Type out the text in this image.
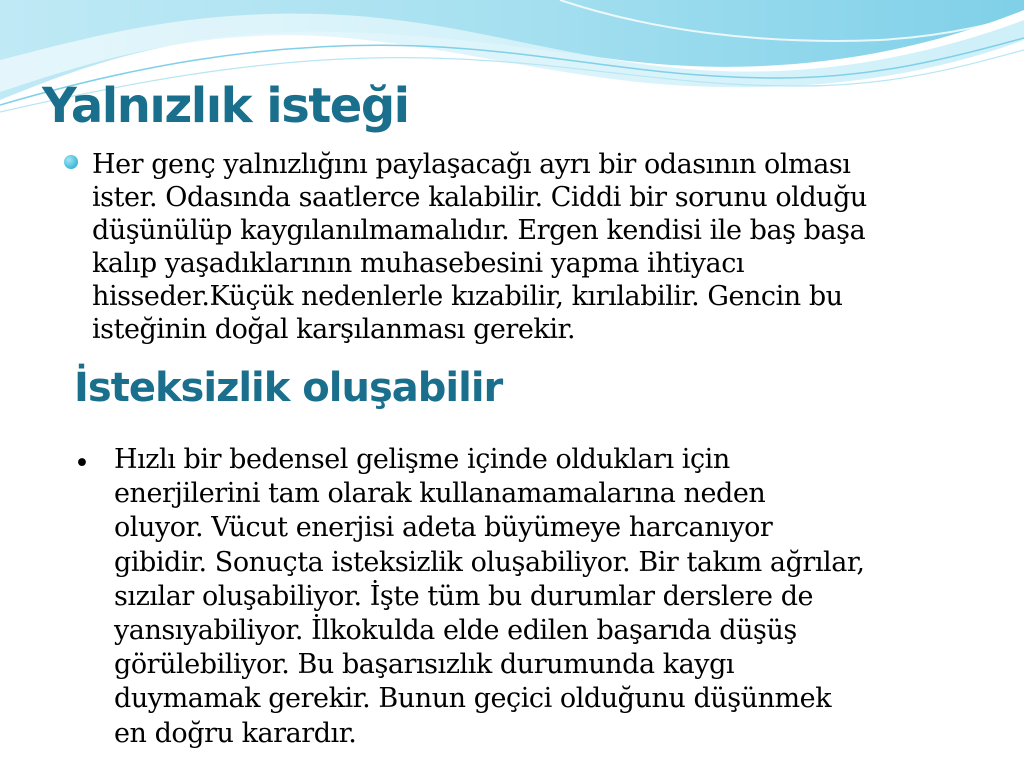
Yalnızlık isteği

Her genç yalnızlığını paylaşacağı ayrı bir odasının olması
ister. Odasında saatlerce kalabilir. Ciddi bir sorunu olduğu
düşünülüp kaygılanılmamalıdır. Ergen kendisi ile baş başa
kalıp yaşadıklarının muhasebesini yapma ihtiyacı
hisseder.Küçük nedenlerle kızabilir, kırılabilir. Gencin bu
isteğinin doğal karşılanması gerekir.

İsteksizlik oluşabilir
• Hızlı bir bedensel gelişme içinde oldukları için
enerjilerini tam olarak kullanamamalarına neden
oluyor. Vücut enerjisi adeta büyümeye harcanıyor
gibidir. Sonuçta isteksizlik oluşabiliyor. Bir takım ağrılar,
sızılar oluşabiliyor. İşte tüm bu durumlar derslere de
yansıyabiliyor. İlkokulda elde edilen başarıda düşüş
görülebiliyor. Bu başarısızlık durumunda kaygı
duymamak gerekir. Bunun geçici olduğunu düşünmek
en doğru karardır.
